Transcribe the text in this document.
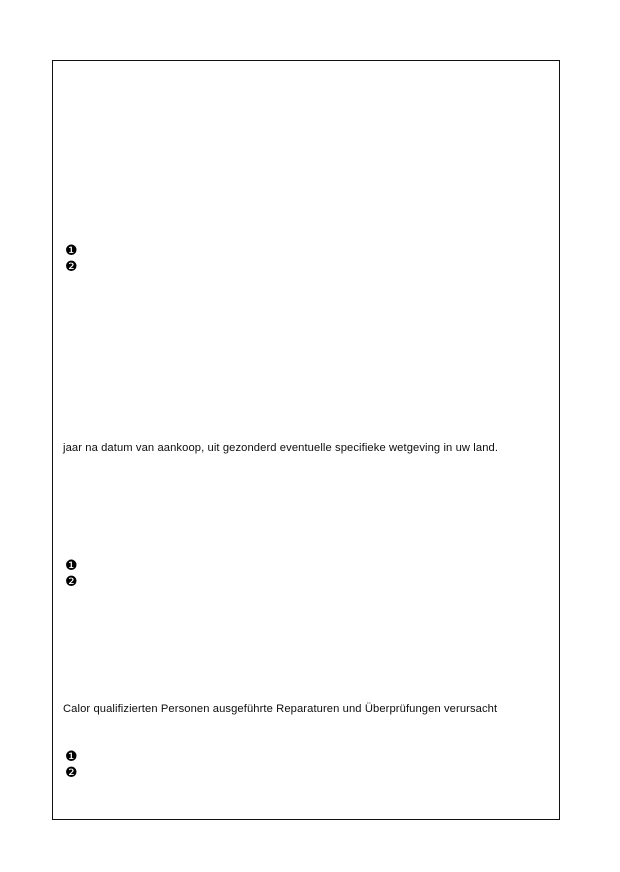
❶
❷
jaar na datum van aankoop, uit gezonderd eventuelle specifieke wetgeving in uw land.
❶
❷
Calor qualifizierten Personen ausgeführte Reparaturen und Überprüfungen verursacht
❶
❷
